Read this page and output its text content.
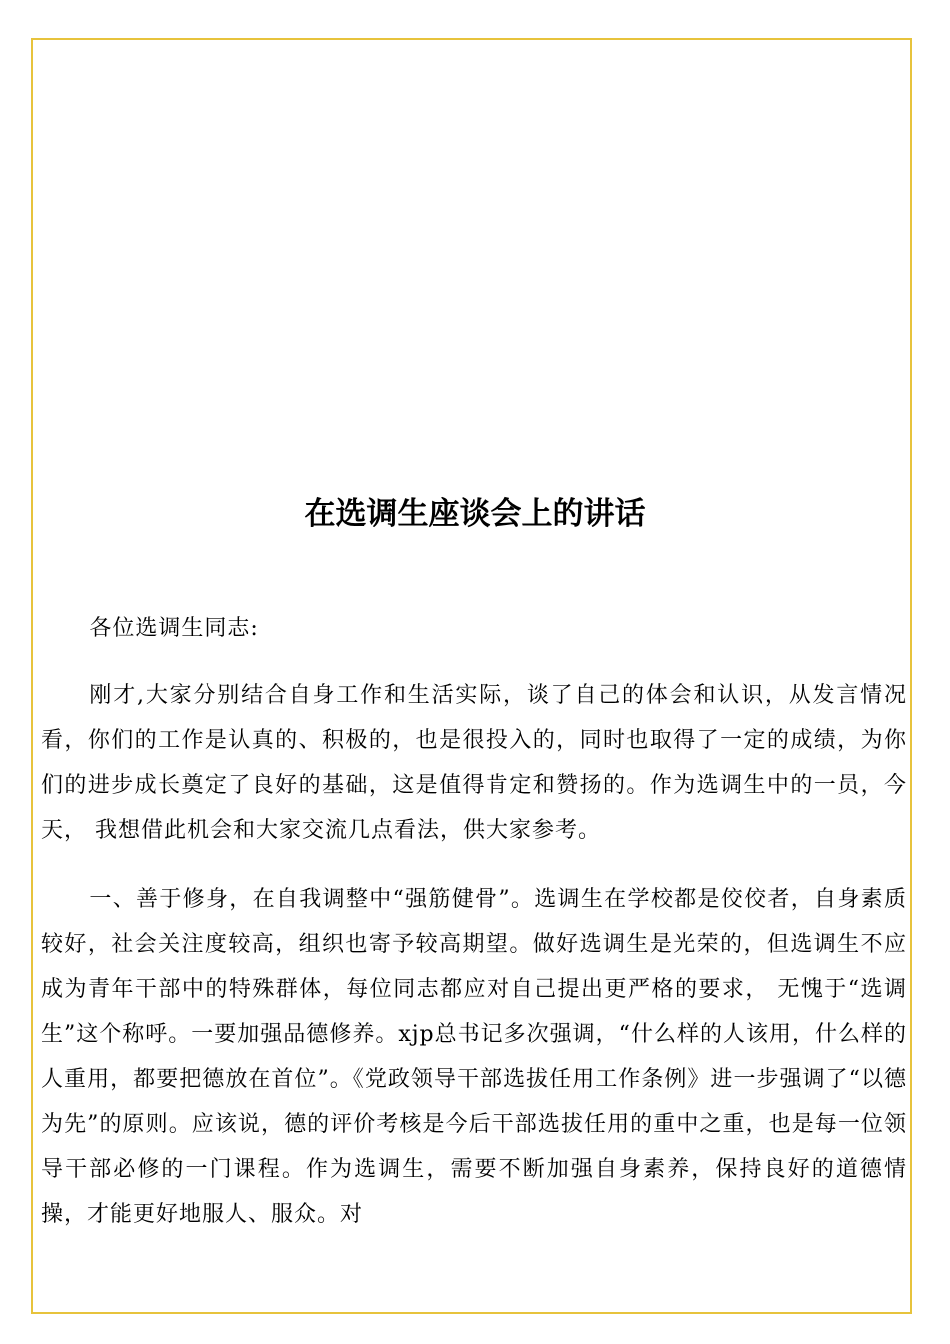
在选调生座谈会上的讲话

各位选调生同志:

刚才,大家分别结合自身工作和生活实际，谈了自己的体会和认识，从发言情况看，你们的工作是认真的、积极的，也是很投入的，同时也取得了一定的成绩，为你们的进步成长奠定了良好的基础，这是值得肯定和赞扬的。作为选调生中的一员，今天， 我想借此机会和大家交流几点看法，供大家参考。

一、善于修身，在自我调整中“强筋健骨”。选调生在学校都是佼佼者，自身素质较好，社会关注度较高，组织也寄予较高期望。做好选调生是光荣的，但选调生不应成为青年干部中的特殊群体，每位同志都应对自己提出更严格的要求， 无愧于“选调生”这个称呼。一要加强品德修养。xjp总书记多次强调，“什么样的人该用，什么样的人重用，都要把德放在首位”。《党政领导干部选拔任用工作条例》进一步强调了“以德为先”的原则。应该说，德的评价考核是今后干部选拔任用的重中之重，也是每一位领导干部必修的一门课程。作为选调生，需要不断加强自身素养，保持良好的道德情操，才能更好地服人、服众。对
